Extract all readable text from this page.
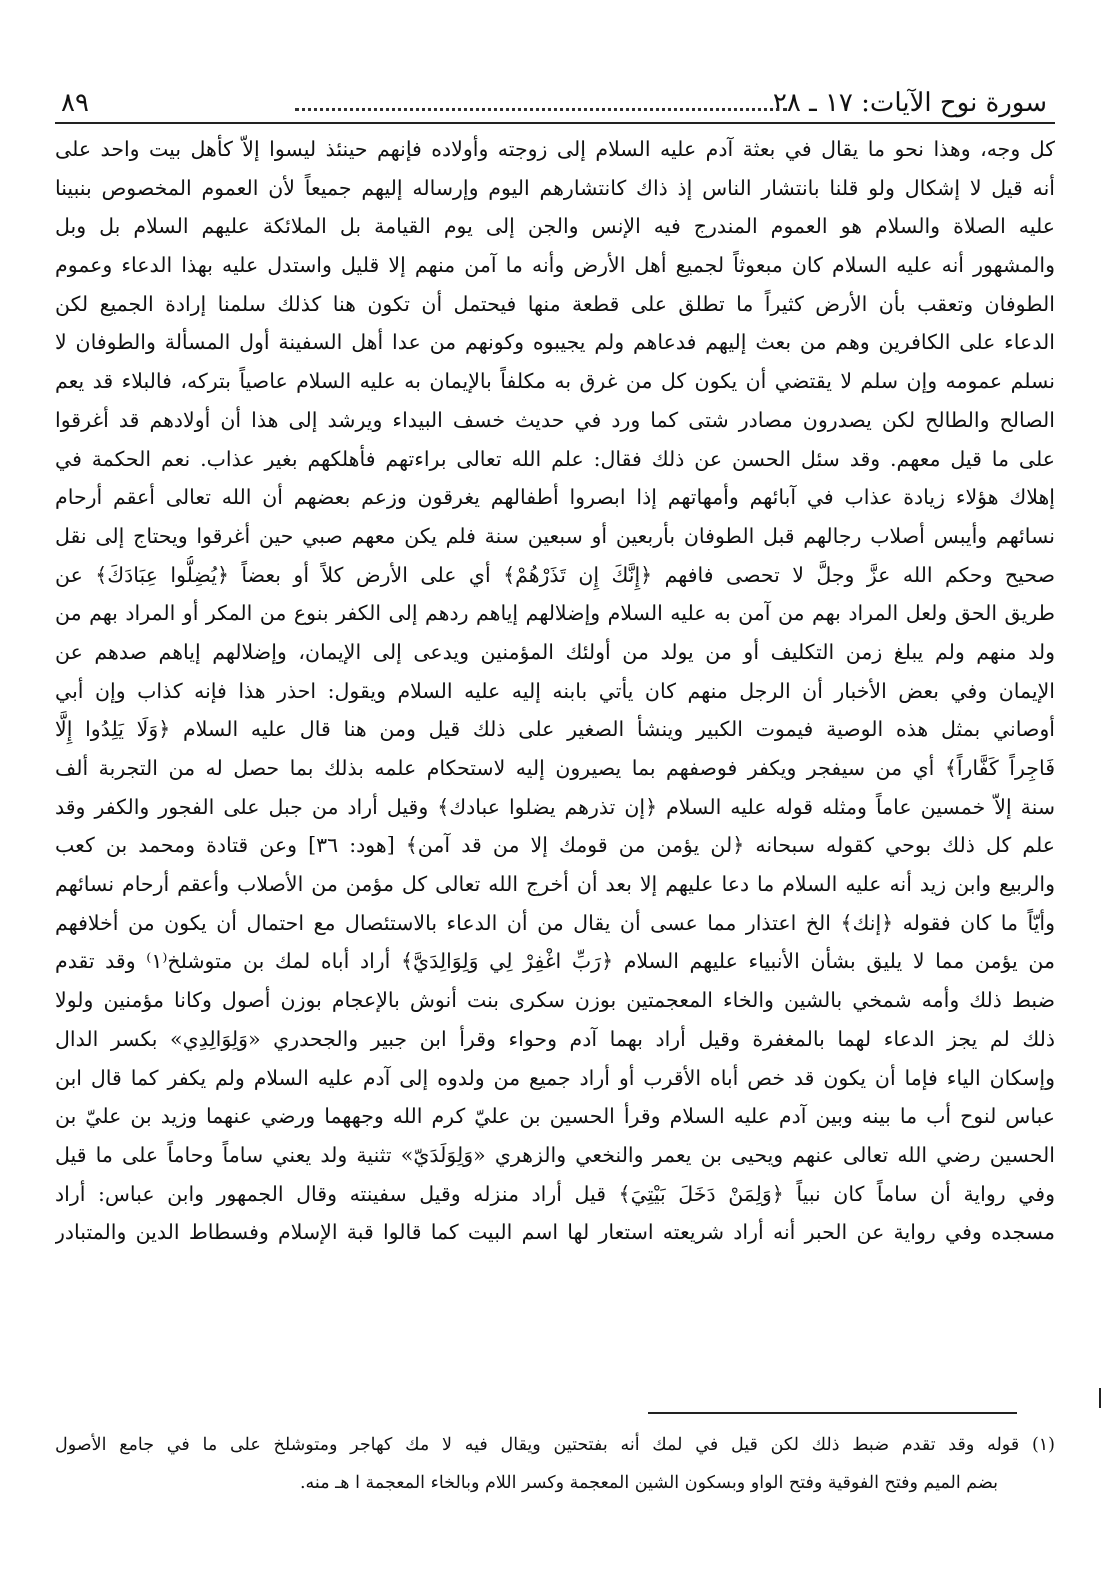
سورة نوح الآيات: ١٧ ـ ٢٨
٨٩
كل وجه، وهذا نحو ما يقال في بعثة آدم عليه السلام إلى زوجته وأولاده فإنهم حينئذ ليسوا إلاّ كأهل بيت واحد على
أنه قيل لا إشكال ولو قلنا بانتشار الناس إذ ذاك كانتشارهم اليوم وإرساله إليهم جميعاً لأن العموم المخصوص بنبينا
عليه الصلاة والسلام هو العموم المندرج فيه الإنس والجن إلى يوم القيامة بل الملائكة عليهم السلام بل وبل
والمشهور أنه عليه السلام كان مبعوثاً لجميع أهل الأرض وأنه ما آمن منهم إلا قليل واستدل عليه بهذا الدعاء وعموم
الطوفان وتعقب بأن الأرض كثيراً ما تطلق على قطعة منها فيحتمل أن تكون هنا كذلك سلمنا إرادة الجميع لكن
الدعاء على الكافرين وهم من بعث إليهم فدعاهم ولم يجيبوه وكونهم من عدا أهل السفينة أول المسألة والطوفان لا
نسلم عمومه وإن سلم لا يقتضي أن يكون كل من غرق به مكلفاً بالإيمان به عليه السلام عاصياً بتركه، فالبلاء قد يعم
الصالح والطالح لكن يصدرون مصادر شتى كما ورد في حديث خسف البيداء ويرشد إلى هذا أن أولادهم قد أغرقوا
على ما قيل معهم. وقد سئل الحسن عن ذلك فقال: علم الله تعالى براءتهم فأهلكهم بغير عذاب. نعم الحكمة في
إهلاك هؤلاء زيادة عذاب في آبائهم وأمهاتهم إذا ابصروا أطفالهم يغرقون وزعم بعضهم أن الله تعالى أعقم أرحام
نسائهم وأيبس أصلاب رجالهم قبل الطوفان بأربعين أو سبعين سنة فلم يكن معهم صبي حين أغرقوا ويحتاج إلى نقل
صحيح وحكم الله عزَّ وجلَّ لا تحصى فافهم ﴿إِنَّكَ إِن تَذَرْهُمْ﴾ أي على الأرض كلاً أو بعضاً ﴿يُضِلُّوا عِبَادَكَ﴾ عن
طريق الحق ولعل المراد بهم من آمن به عليه السلام وإضلالهم إياهم ردهم إلى الكفر بنوع من المكر أو المراد بهم من
ولد منهم ولم يبلغ زمن التكليف أو من يولد من أولئك المؤمنين ويدعى إلى الإيمان، وإضلالهم إياهم صدهم عن
الإيمان وفي بعض الأخبار أن الرجل منهم كان يأتي بابنه إليه عليه السلام ويقول: احذر هذا فإنه كذاب وإن أبي
أوصاني بمثل هذه الوصية فيموت الكبير وينشأ الصغير على ذلك قيل ومن هنا قال عليه السلام ﴿وَلَا يَلِدُوا إِلَّا
فَاجِراً كَفَّاراً﴾ أي من سيفجر ويكفر فوصفهم بما يصيرون إليه لاستحكام علمه بذلك بما حصل له من التجربة ألف
سنة إلاّ خمسين عاماً ومثله قوله عليه السلام ﴿إن تذرهم يضلوا عبادك﴾ وقيل أراد من جبل على الفجور والكفر وقد
علم كل ذلك بوحي كقوله سبحانه ﴿لن يؤمن من قومك إلا من قد آمن﴾ [هود: ٣٦] وعن قتادة ومحمد بن كعب
والربيع وابن زيد أنه عليه السلام ما دعا عليهم إلا بعد أن أخرج الله تعالى كل مؤمن من الأصلاب وأعقم أرحام نسائهم
وأيّاً ما كان فقوله ﴿إنك﴾ الخ اعتذار مما عسى أن يقال من أن الدعاء بالاستئصال مع احتمال أن يكون من أخلافهم
من يؤمن مما لا يليق بشأن الأنبياء عليهم السلام ﴿رَبِّ اغْفِرْ لِي وَلِوَالِدَيَّ﴾ أراد أباه لمك بن متوشلخ⁽١⁾ وقد تقدم
ضبط ذلك وأمه شمخي بالشين والخاء المعجمتين بوزن سكرى بنت أنوش بالإعجام بوزن أصول وكانا مؤمنين ولولا
ذلك لم يجز الدعاء لهما بالمغفرة وقيل أراد بهما آدم وحواء وقرأ ابن جبير والجحدري «وَلِوَالِدِي» بكسر الدال
وإسكان الياء فإما أن يكون قد خص أباه الأقرب أو أراد جميع من ولدوه إلى آدم عليه السلام ولم يكفر كما قال ابن
عباس لنوح أب ما بينه وبين آدم عليه السلام وقرأ الحسين بن عليّ كرم الله وجههما ورضي عنهما وزيد بن عليّ بن
الحسين رضي الله تعالى عنهم ويحيى بن يعمر والنخعي والزهري «وَلِوَلَدَيّ» تثنية ولد يعني ساماً وحاماً على ما قيل
وفي رواية أن ساماً كان نبياً ﴿وَلِمَنْ دَخَلَ بَيْتِيَ﴾ قيل أراد منزله وقيل سفينته وقال الجمهور وابن عباس: أراد
مسجده وفي رواية عن الحبر أنه أراد شريعته استعار لها اسم البيت كما قالوا قبة الإسلام وفسطاط الدين والمتبادر
(١) قوله وقد تقدم ضبط ذلك لكن قيل في لمك أنه بفتحتين ويقال فيه لا مك كهاجر ومتوشلخ على ما في جامع الأصول
بضم الميم وفتح الفوقية وفتح الواو وبسكون الشين المعجمة وكسر اللام وبالخاء المعجمة ا هـ منه.
